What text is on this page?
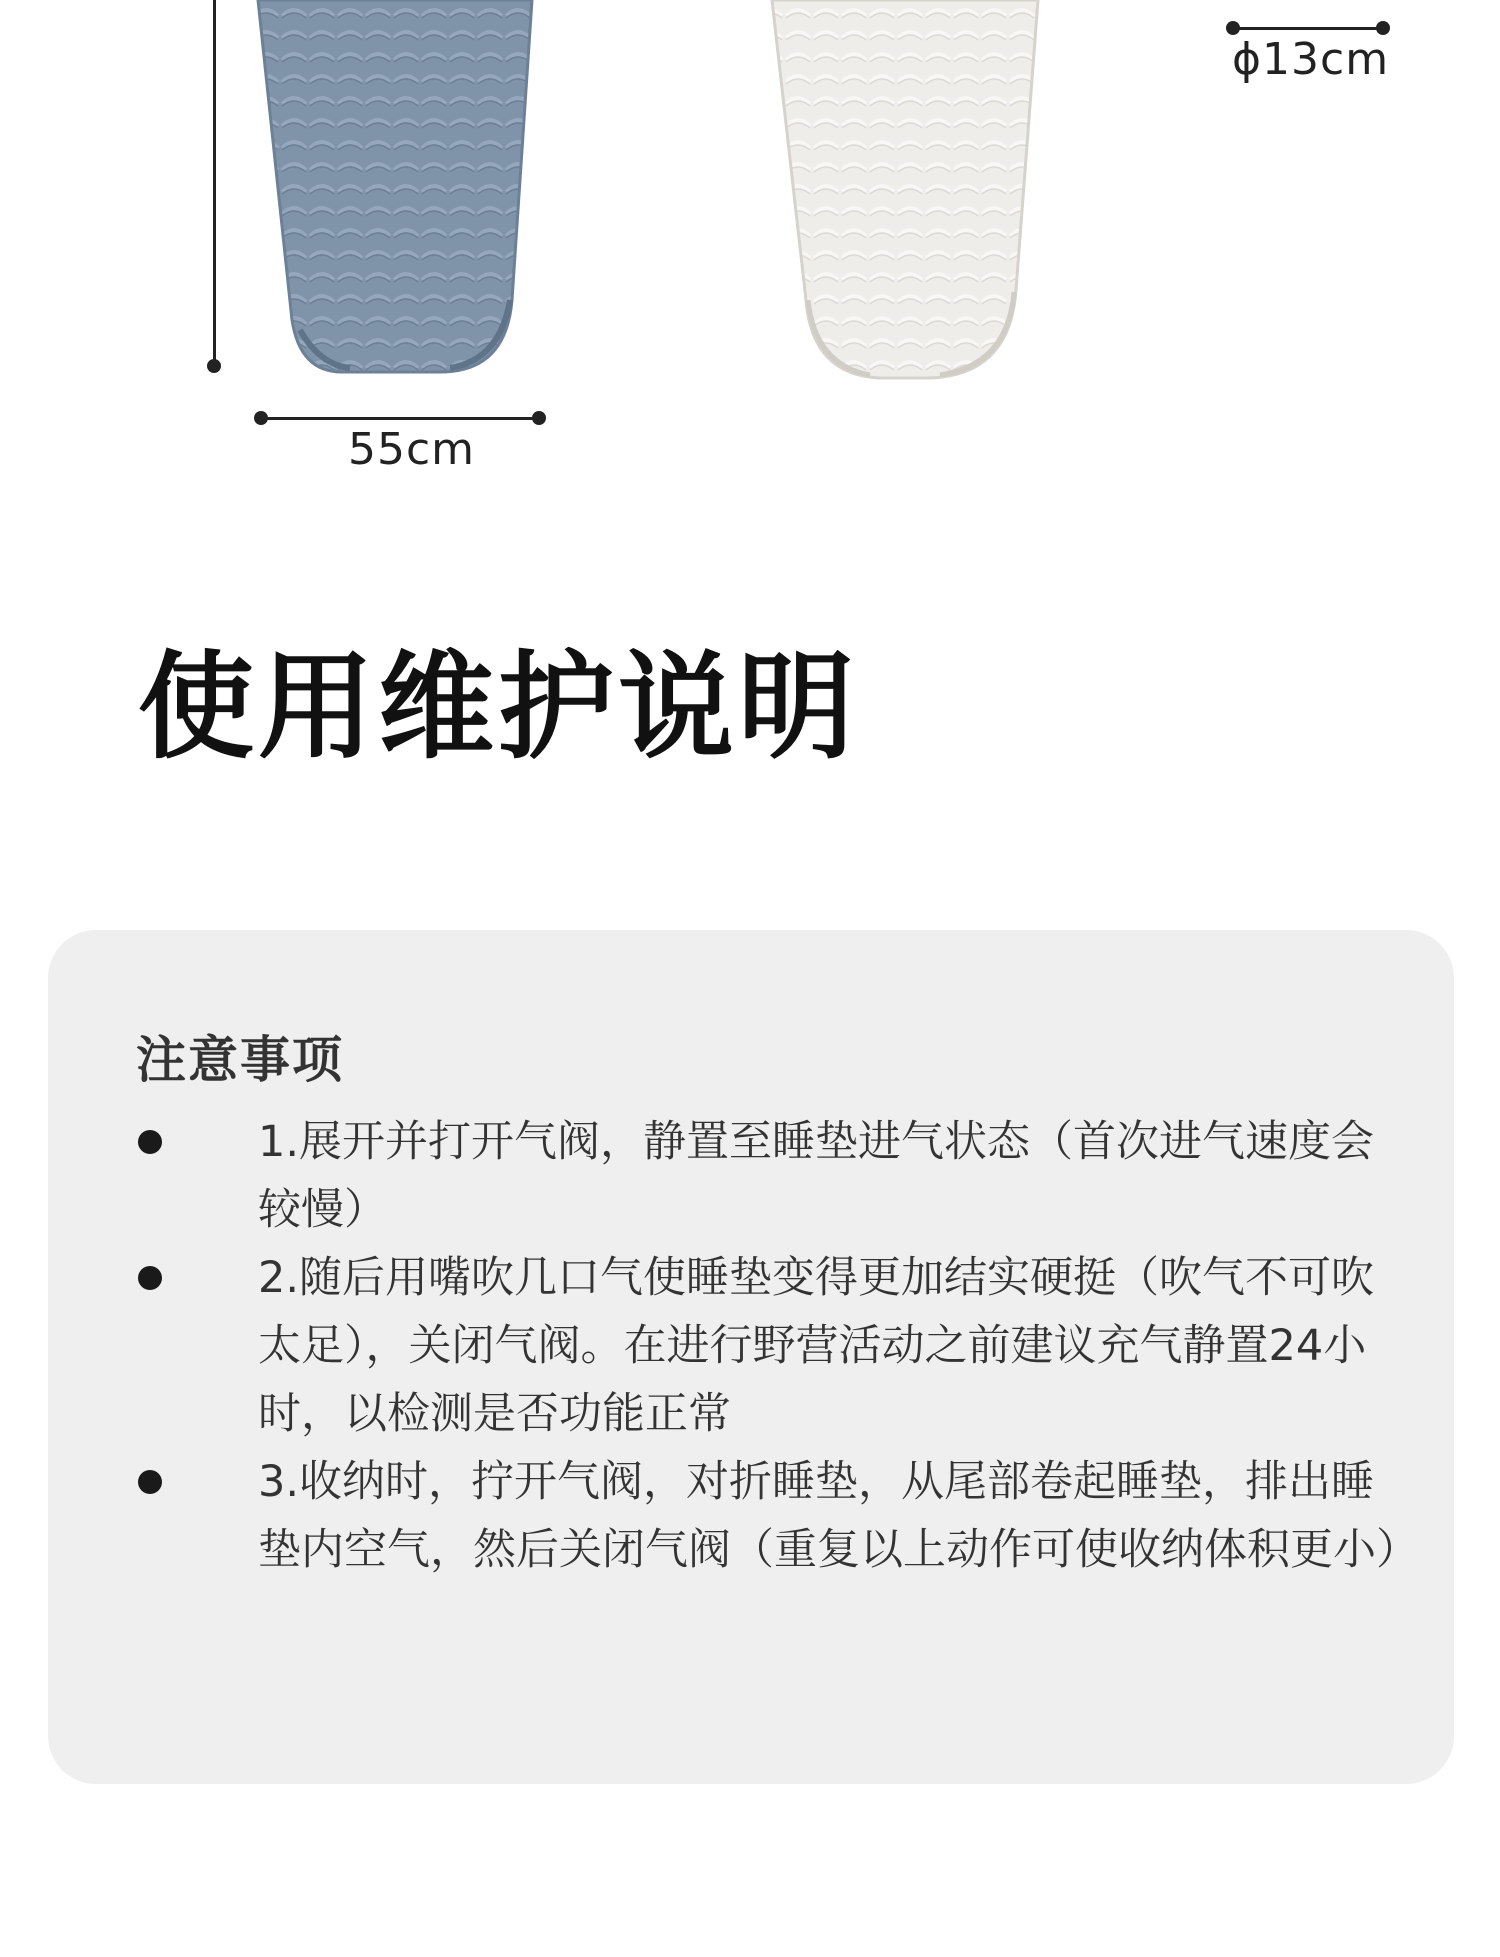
55cm
ϕ13cm
使用维护说明
注意事项
1.展开并打开气阀，静置至睡垫进气状态（首次进气速度会较慢）
2.随后用嘴吹几口气使睡垫变得更加结实硬挺（吹气不可吹太足），关闭气阀。在进行野营活动之前建议充气静置24小时，以检测是否功能正常
3.收纳时，拧开气阀，对折睡垫，从尾部卷起睡垫，排出睡垫内空气，然后关闭气阀（重复以上动作可使收纳体积更小）
